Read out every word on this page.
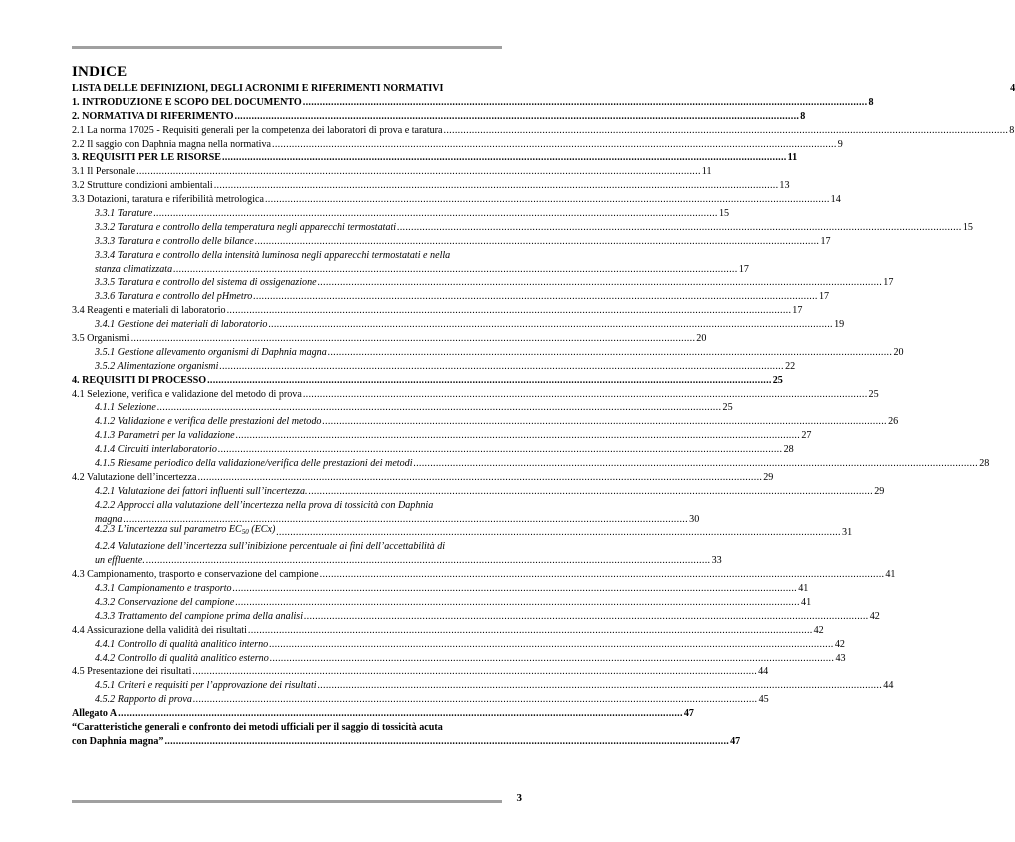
INDICE
LISTA DELLE DEFINIZIONI, DEGLI ACRONIMI E RIFERIMENTI NORMATIVI	4
1. INTRODUZIONE E SCOPO DEL DOCUMENTO .....	8
2. NORMATIVA DI RIFERIMENTO .....	8
2.1 La norma 17025 - Requisiti generali per la competenza dei laboratori di prova e taratura .....	8
2.2 Il saggio con Daphnia magna nella normativa .....	9
3. REQUISITI PER LE RISORSE .....	11
3.1 Il Personale .....	11
3.2 Strutture condizioni ambientali .....	13
3.3 Dotazioni, taratura e riferibilità metrologica .....	14
3.3.1 Tarature .....	15
3.3.2 Taratura e controllo della temperatura negli apparecchi termostatati .....	15
3.3.3 Taratura e controllo delle bilance .....	17
3.3.4 Taratura e controllo della intensità luminosa negli apparecchi termostatati e nella
stanza climatizzata .....	17
3.3.5 Taratura e controllo del sistema di ossigenazione .....	17
3.3.6 Taratura e controllo del pHmetro .....	17
3.4 Reagenti e materiali di laboratorio .....	17
3.4.1 Gestione dei materiali di laboratorio .....	19
3.5 Organismi .....	20
3.5.1 Gestione allevamento organismi di Daphnia magna .....	20
3.5.2 Alimentazione organismi .....	22
4. REQUISITI DI PROCESSO .....	25
4.1 Selezione, verifica e validazione del metodo di prova .....	25
4.1.1 Selezione .....	25
4.1.2 Validazione e verifica delle prestazioni del metodo .....	26
4.1.3 Parametri per la validazione .....	27
4.1.4 Circuiti interlaboratorio .....	28
4.1.5 Riesame periodico della validazione/verifica delle prestazioni dei metodi .....	28
4.2 Valutazione dell’incertezza .....	29
4.2.1 Valutazione dei fattori influenti sull’incertezza. .....	29
4.2.2 Approcci alla valutazione dell’incertezza nella prova di tossicità con Daphnia
magna .....	30
4.2.3 L’incertezza sul parametro $EC_{50}$ (ECx) .....	31
4.2.4 Valutazione dell’incertezza sull’inibizione percentuale ai fini dell’accettabilità di
un effluente. .....	33
4.3 Campionamento, trasporto e conservazione del campione .....	41
4.3.1 Campionamento e trasporto .....	41
4.3.2 Conservazione del campione .....	41
4.3.3 Trattamento del campione prima della analisi .....	42
4.4 Assicurazione della validità dei risultati .....	42
4.4.1 Controllo di qualità analitico interno .....	42
4.4.2 Controllo di qualità analitico esterno .....	43
4.5 Presentazione dei risultati .....	44
4.5.1 Criteri e requisiti per l’approvazione dei risultati .....	44
4.5.2 Rapporto di prova .....	45
Allegato A .....	47
“Caratteristiche generali e confronto dei metodi ufficiali per il saggio di tossicità acuta
con Daphnia magna” .....	47
3
